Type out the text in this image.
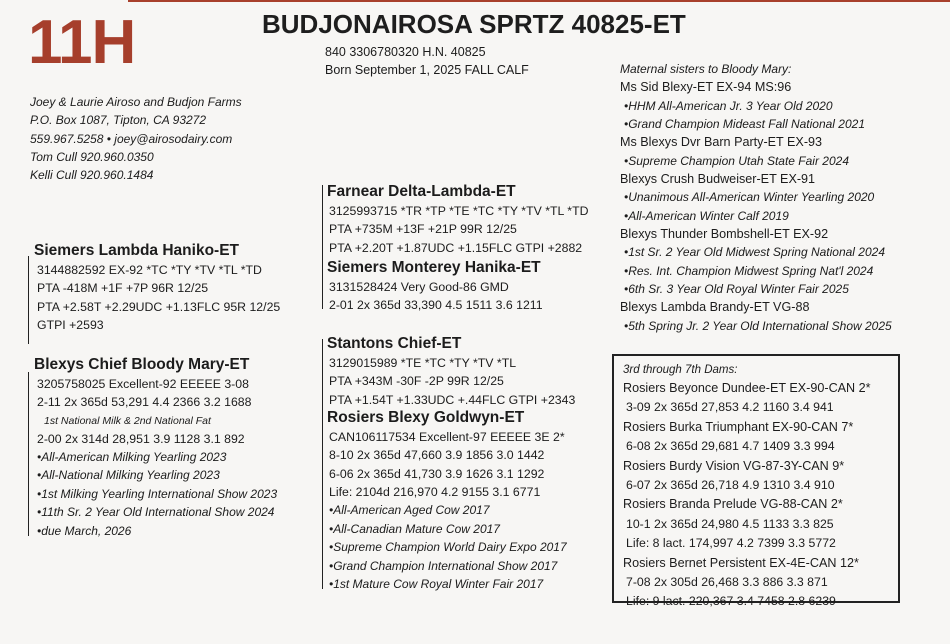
11H	BUDJONAIROSA SPRTZ 40825-ET
840 3306780320 H.N. 40825
Born September 1, 2025 FALL CALF
Joey & Laurie Airoso and Budjon Farms
P.O. Box 1087, Tipton, CA 93272
559.967.5258 • joey@airosodairy.com
Tom Cull 920.960.0350
Kelli Cull 920.960.1484
Siemers Lambda Haniko-ET
3144882592 EX-92 *TC *TY *TV *TL *TD
PTA -418M +1F +7P 96R 12/25
PTA +2.58T +2.29UDC +1.13FLC 95R 12/25
GTPI +2593
Blexys Chief Bloody Mary-ET
3205758025 Excellent-92 EEEEE 3-08
2-11 2x 365d 53,291 4.4 2366 3.2 1688
1st National Milk & 2nd National Fat
2-00 2x 314d 28,951 3.9 1128 3.1 892
•All-American Milking Yearling 2023
•All-National Milking Yearling 2023
•1st Milking Yearling International Show 2023
•11th Sr. 2 Year Old International Show 2024
•due March, 2026
Farnear Delta-Lambda-ET
3125993715 *TR *TP *TE *TC *TY *TV *TL *TD
PTA +735M +13F +21P 99R 12/25
PTA +2.20T +1.87UDC +1.15FLC GTPI +2882
Siemers Monterey Hanika-ET
3131528424 Very Good-86 GMD
2-01 2x 365d 33,390 4.5 1511 3.6 1211
Stantons Chief-ET
3129015989 *TE *TC *TY *TV *TL
PTA +343M -30F -2P 99R 12/25
PTA +1.54T +1.33UDC +.44FLC GTPI +2343
Rosiers Blexy Goldwyn-ET
CAN106117534 Excellent-97 EEEEE 3E 2*
8-10 2x 365d 47,660 3.9 1856 3.0 1442
6-06 2x 365d 41,730 3.9 1626 3.1 1292
Life: 2104d 216,970 4.2 9155 3.1 6771
•All-American Aged Cow 2017
•All-Canadian Mature Cow 2017
•Supreme Champion World Dairy Expo 2017
•Grand Champion International Show 2017
•1st Mature Cow Royal Winter Fair 2017
Maternal sisters to Bloody Mary:
Ms Sid Blexy-ET EX-94 MS:96
•HHM All-American Jr. 3 Year Old 2020
•Grand Champion Mideast Fall National 2021
Ms Blexys Dvr Barn Party-ET EX-93
•Supreme Champion Utah State Fair 2024
Blexys Crush Budweiser-ET EX-91
•Unanimous All-American Winter Yearling 2020
•All-American Winter Calf 2019
Blexys Thunder Bombshell-ET EX-92
•1st Sr. 2 Year Old Midwest Spring National 2024
•Res. Int. Champion Midwest Spring Nat'l 2024
•6th Sr. 3 Year Old Royal Winter Fair 2025
Blexys Lambda Brandy-ET VG-88
•5th Spring Jr. 2 Year Old International Show 2025
3rd through 7th Dams:
Rosiers Beyonce Dundee-ET EX-90-CAN 2*
3-09 2x 365d 27,853 4.2 1160 3.4 941
Rosiers Burka Triumphant EX-90-CAN 7*
6-08 2x 365d 29,681 4.7 1409 3.3 994
Rosiers Burdy Vision VG-87-3Y-CAN 9*
6-07 2x 365d 26,718 4.9 1310 3.4 910
Rosiers Branda Prelude VG-88-CAN 2*
10-1 2x 365d 24,980 4.5 1133 3.3 825
Life: 8 lact. 174,997 4.2 7399 3.3 5772
Rosiers Bernet Persistent EX-4E-CAN 12*
7-08 2x 305d 26,468 3.3 886 3.3 871
Life: 9 lact. 220,367 3.4 7458 2.8 6239
